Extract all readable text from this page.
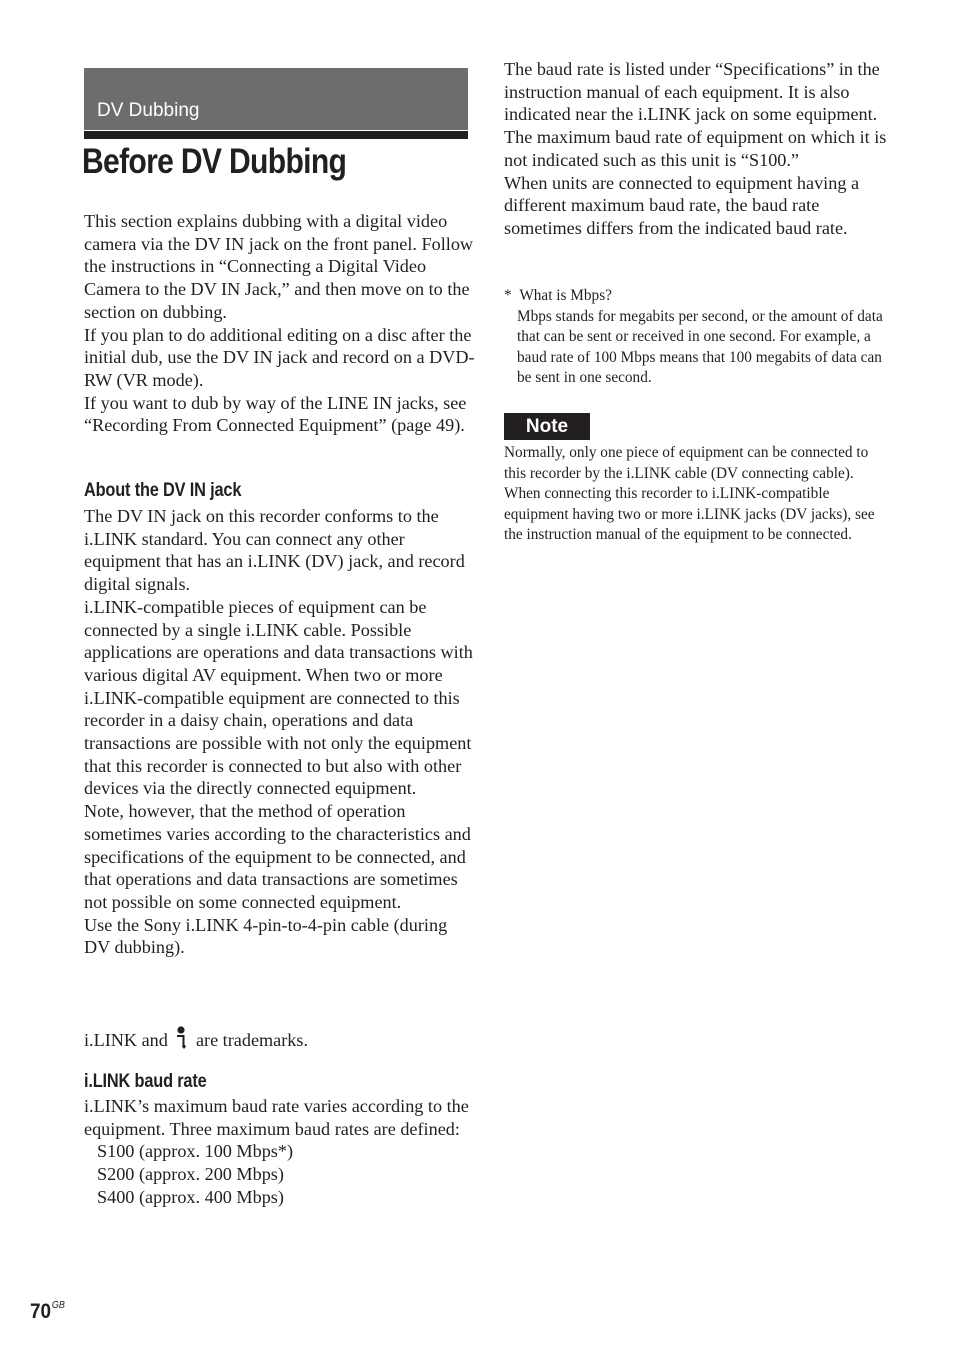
DV Dubbing
Before DV Dubbing

This section explains dubbing with a digital video camera via the DV IN jack on the front panel. Follow the instructions in “Connecting a Digital Video Camera to the DV IN Jack,” and then move on to the section on dubbing.

If you plan to do additional editing on a disc after the initial dub, use the DV IN jack and record on a DVD-RW (VR mode).

If you want to dub by way of the LINE IN jacks, see “Recording From Connected Equipment” (page 49).

About the DV IN jack

The DV IN jack on this recorder conforms to the i.LINK standard. You can connect any other equipment that has an i.LINK (DV) jack, and record digital signals.

i.LINK-compatible pieces of equipment can be connected by a single i.LINK cable. Possible applications are operations and data transactions with various digital AV equipment. When two or more i.LINK-compatible equipment are connected to this recorder in a daisy chain, operations and data transactions are possible with not only the equipment that this recorder is connected to but also with other devices via the directly connected equipment.

Note, however, that the method of operation sometimes varies according to the characteristics and specifications of the equipment to be connected, and that operations and data transactions are sometimes not possible on some connected equipment.

Use the Sony i.LINK 4-pin-to-4-pin cable (during DV dubbing).

i.LINK and are trademarks.
i.LINK baud rate

i.LINK’s maximum baud rate varies according to the equipment. Three maximum baud rates are defined:

S100 (approx. 100 Mbps*)

S200 (approx. 200 Mbps)

S400 (approx. 400 Mbps)

The baud rate is listed under “Specifications” in the instruction manual of each equipment. It is also indicated near the i.LINK jack on some equipment.

The maximum baud rate of equipment on which it is not indicated such as this unit is “S100.”

When units are connected to equipment having a different maximum baud rate, the baud rate sometimes differs from the indicated baud rate.

* What is Mbps?

Mbps stands for megabits per second, or the amount of data that can be sent or received in one second. For example, a baud rate of 100 Mbps means that 100 megabits of data can be sent in one second.

Note

Normally, only one piece of equipment can be connected to this recorder by the i.LINK cable (DV connecting cable). When connecting this recorder to i.LINK-compatible equipment having two or more i.LINK jacks (DV jacks), see the instruction manual of the equipment to be connected.

$70^{GB}$
